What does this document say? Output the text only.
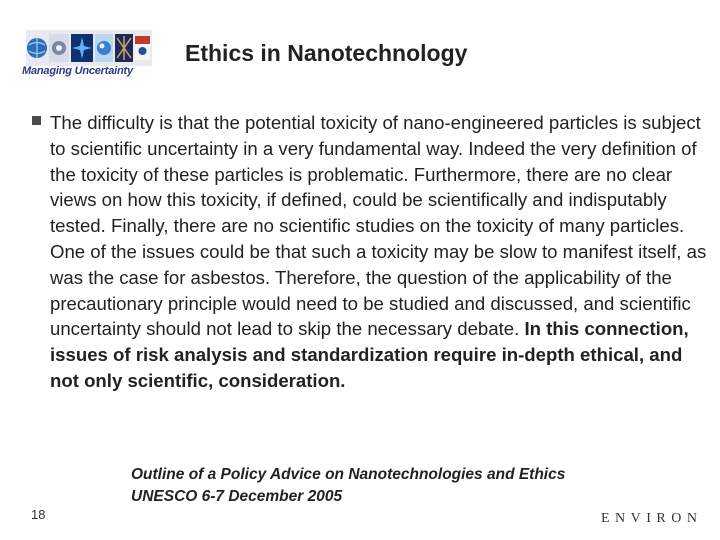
Managing Uncertainty
Ethics in Nanotechnology
The difficulty is that the potential toxicity of nano-engineered particles is subject to scientific uncertainty in a very fundamental way. Indeed the very definition of the toxicity of these particles is problematic. Furthermore, there are no clear views on how this toxicity, if defined, could be scientifically and indisputably tested. Finally, there are no scientific studies on the toxicity of many particles. One of the issues could be that such a toxicity may be slow to manifest itself, as was the case for asbestos. Therefore, the question of the applicability of the precautionary principle would need to be studied and discussed, and scientific uncertainty should not lead to skip the necessary debate. In this connection, issues of risk analysis and standardization require in-depth ethical, and not only scientific, consideration.
Outline of a Policy Advice on Nanotechnologies and Ethics
UNESCO 6-7 December 2005
18	ENVIRON
